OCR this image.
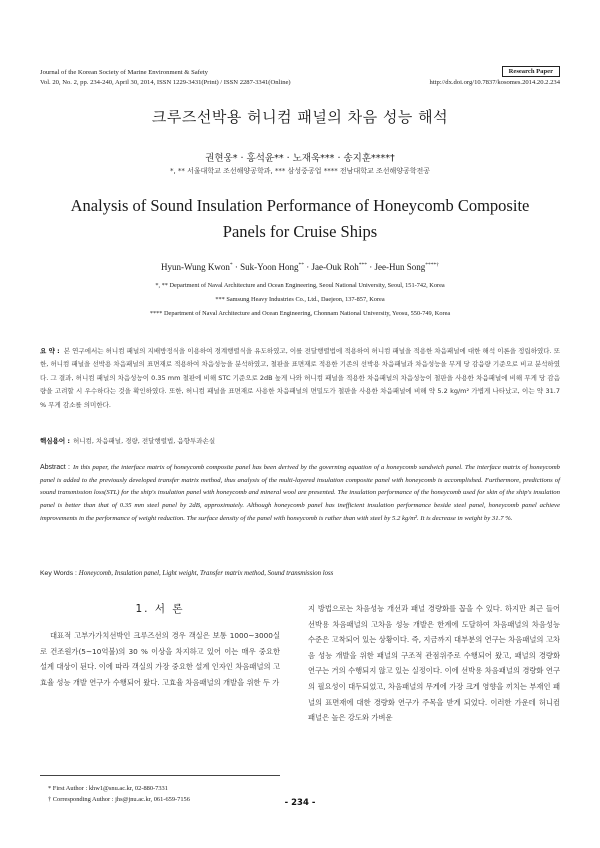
Journal of the Korean Society of Marine Environment & Safety
Vol. 20, No. 2, pp. 234-240, April 30, 2014, ISSN 1229-3431(Print) / ISSN 2287-3341(Online)
Research Paper
http://dx.doi.org/10.7837/kosomes.2014.20.2.234
크루즈선박용 허니컴 패널의 차음 성능 해석
권현웅* · 홍석윤** · 노재욱*** · 송지훈****†
*, ** 서울대학교 조선해양공학과, *** 삼성중공업 **** 전남대학교 조선해양공학전공
Analysis of Sound Insulation Performance of Honeycomb Composite Panels for Cruise Ships
Hyun-Wung Kwon* · Suk-Yoon Hong** · Jae-Ouk Roh*** · Jee-Hun Song****†
*, ** Department of Naval Architecture and Ocean Engineering, Seoul National University, Seoul, 151-742, Korea
*** Samsung Heavy Industries Co., Ltd., Daejeon, 137-857, Korea
**** Department of Naval Architecture and Ocean Engineering, Chonnam National University, Yeosu, 550-749, Korea
요 약 : 본 연구에서는 허니컴 패널의 지배방정식을 이용하여 경계행렬식을 유도하였고, 이를 전달행렬법에 적용하여 허니컴 패널을 적용한 차음패널에 대한 해석 이론을 정립하였다. 또한, 허니컴 패널을 선박용 차음패널의 표면재로 적용하여 차음성능을 분석하였고, 철판을 표면재로 적용한 기존의 선박용 차음패널과 차음성능을 무게 당 감음량 기준으로 비교 분석하였다. 그 결과, 허니컴 패널의 차음성능이 0.35 mm 철판에 비해 STC 기준으로 2dB 높게 나와 허니컴 패널을 적용한 차음패널의 차음성능이 철판을 사용한 차음패널에 비해 무게 당 감음량을 고려할 시 우수하다는 것을 확인하였다. 또한, 허니컴 패널을 표면재로 사용한 차음패널의 면밀도가 철판을 사용한 차음패널에 비해 약 5.2 kg/m² 가볍게 나타났고, 이는 약 31.7 % 무게 감소를 의미한다.
핵심용어 : 허니컴, 차음패널, 경량, 전달행렬법, 음향투과손실
Abstract : In this paper, the interface matrix of honeycomb composite panel has been derived by the governing equation of a honeycomb sandwich panel. The interface matrix of honeycomb panel is added to the previously developed transfer matrix method, thus analysis of the multi-layered insulation composite panel with honeycomb is accomplished. Furthermore, predictions of sound transmission loss(STL) for the ship's insulation panel with honeycomb and mineral wool are presented. The insulation performance of the honeycomb used for skin of the ship's insulation panel is better than that of 0.35 mm steel panel by 2dB, approximately. Although honeycomb panel has inefficient insulation performance beside steel panel, honeycomb panel achieve improvements in the performance of weight reduction. The surface density of the panel with honeycomb is rather than with steel by 5.2 kg/m². It is decrease in weight by 31.7 %.
Key Words : Honeycomb, Insulation panel, Light weight, Transfer matrix method, Sound transmission loss
1. 서 론
대표적 고부가가치선박인 크루즈선의 경우 객실은 보통 1000~3000실로 건조원가(5~10억불)의 30 % 이상을 차지하고 있어 이는 매우 중요한 설계 대상이 된다. 이에 따라 객실의 가장 중요한 설계 인자인 차음패널의 고효율 성능 개발 연구가 수행되어 왔다. 고효율 차음패널의 개발을 위한 두 가
지 방법으로는 차음성능 개선과 패널 경량화를 꼽을 수 있다. 하지만 최근 들어 선박용 차음패널의 고차음 성능 개발은 한계에 도달하여 차음패널의 차음성능 수준은 고착되어 있는 상황이다. 즉, 지금까지 대부분의 연구는 차음패널의 고차음 성능 개발을 위한 패널의 구조적 관점위주로 수행되어 왔고, 패널의 경량화 연구는 거의 수행되지 않고 있는 실정이다. 이에 선박용 차음패널의 경량화 연구의 필요성이 대두되었고, 차음패널의 무게에 가장 크게 영향을 끼치는 부재인 패널의 표면재에 대한 경량화 연구가 주목을 받게 되었다. 이러한 가운데 허니컴 패널은 높은 강도와 가벼운
* First Author : khw1@snu.ac.kr, 02-880-7331
† Corresponding Author : jhs@jnu.ac.kr, 061-659-7156	- 234 -
